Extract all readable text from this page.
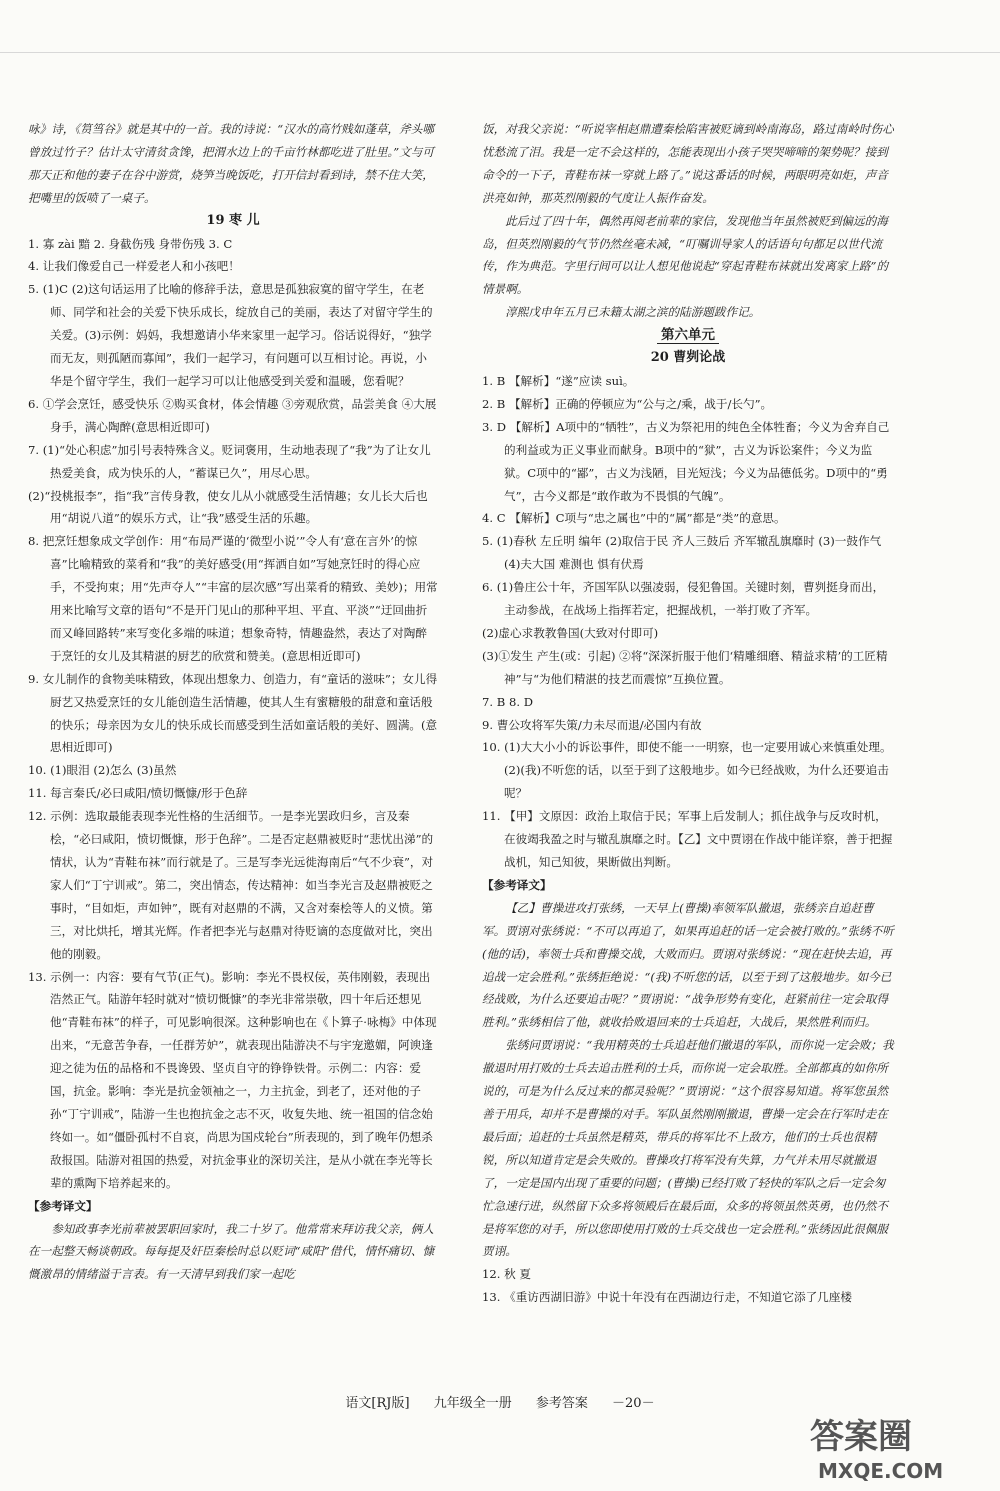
咏》诗，《筼筜谷》就是其中的一首。我的诗说：“汉水的高竹贱如蓬草，斧头哪曾放过竹子？估计太守清贫贪馋，把渭水边上的千亩竹林都吃进了肚里。”文与可那天正和他的妻子在谷中游赏，烧笋当晚饭吃，打开信封看到诗，禁不住大笑，把嘴里的饭喷了一桌子。

19 枣 儿

1. 寡 zài 黯 2. 身截伤残 身带伤残 3. C

4. 让我们像爱自己一样爱老人和小孩吧！

5. (1)C (2)这句话运用了比喻的修辞手法，意思是孤独寂寞的留守学生，在老师、同学和社会的关爱下快乐成长，绽放自己的美丽，表达了对留守学生的关爱。(3)示例：妈妈，我想邀请小华来家里一起学习。俗话说得好，“独学而无友，则孤陋而寡闻”，我们一起学习，有问题可以互相讨论。再说，小华是个留守学生，我们一起学习可以让他感受到关爱和温暖，您看呢？

6. ①学会烹饪，感受快乐 ②购买食材，体会情趣 ③旁观欣赏，品尝美食 ④大展身手，满心陶醉(意思相近即可)

7. (1)“处心积虑”加引号表特殊含义。贬词褒用，生动地表现了“我”为了让女儿热爱美食，成为快乐的人，“蓄谋已久”，用尽心思。

(2)“投桃报李”，指“我”言传身教，使女儿从小就感受生活情趣；女儿长大后也用“胡说八道”的娱乐方式，让“我”感受生活的乐趣。

8. 把烹饪想象成文学创作：用“布局严谨的‘微型小说’”令人有‘意在言外’的惊喜”比喻精致的菜肴和“我”的美好感受(用“挥洒自如”写她烹饪时的得心应手，不受拘束；用“先声夺人”“丰富的层次感”写出菜肴的精致、美妙)；用常用来比喻写文章的语句“不是开门见山的那种平坦、平直、平淡”“迂回曲折而又峰回路转”来写变化多端的味道；想象奇特，情趣盎然，表达了对陶醉于烹饪的女儿及其精湛的厨艺的欣赏和赞美。(意思相近即可)

9. 女儿制作的食物美味精致，体现出想象力、创造力，有“童话的滋味”；女儿得厨艺又热爱烹饪的女儿能创造生活情趣，使其人生有蜜糖般的甜意和童话般的快乐；母亲因为女儿的快乐成长而感受到生活如童话般的美好、圆满。(意思相近即可)

10. (1)眼泪 (2)怎么 (3)虽然

11. 每言秦氏/必曰咸阳/愤切慨慷/形于色辞

12. 示例：选取最能表现李光性格的生活细节。一是李光罢政归乡，言及秦桧，“必曰咸阳，愤切慨慷，形于色辞”。二是否定赵鼎被贬时“悲忧出涕”的情状，认为“青鞋布袜”而行就是了。三是写李光远徙海南后“气不少衰”，对家人们“丁宁训戒”。第二，突出情态，传达精神：如当李光言及赵鼎被贬之事时，“目如炬，声如钟”，既有对赵鼎的不满，又含对秦桧等人的义愤。第三，对比烘托，增其光辉。作者把李光与赵鼎对待贬谪的态度做对比，突出他的刚毅。

13. 示例一：内容：要有气节(正气)。影响：李光不畏权佞，英伟刚毅，表现出浩然正气。陆游年轻时就对“愤切慨慷”的李光非常崇敬，四十年后还想见他“青鞋布袜”的样子，可见影响很深。这种影响也在《卜算子·咏梅》中体现出来，“无意苦争春，一任群芳妒”，就表现出陆游决不与宇宠邀媚，阿谀逢迎之徒为伍的品格和不畏谗毁、坚贞自守的铮铮铁骨。示例二：内容：爱国，抗金。影响：李光是抗金领袖之一，力主抗金，到老了，还对他的子孙“丁宁训戒”，陆游一生也抱抗金之志不灭，收复失地、统一祖国的信念始终如一。如“僵卧孤村不自哀，尚思为国戍轮台”所表现的，到了晚年仍想杀敌报国。陆游对祖国的热爱，对抗金事业的深切关注，是从小就在李光等长辈的熏陶下培养起来的。

【参考译文】

参知政事李光前辈被罢职回家时，我二十岁了。他常常来拜访我父亲，俩人在一起整天畅谈朝政。每每提及奸臣秦桧时总以贬词“咸阳”借代，情怀痛切、慷慨激昂的情绪溢于言表。有一天清早到我们家一起吃

饭，对我父亲说：“听说宰相赵鼎遭秦桧陷害被贬谪到岭南海岛，路过南岭时伤心忧愁流了泪。我是一定不会这样的，怎能表现出小孩子哭哭啼啼的架势呢？接到命令的一下子，青鞋布袜一穿就上路了。”说这番话的时候，两眼明亮如炬，声音洪亮如钟，那英烈刚毅的气度让人振作奋发。

此后过了四十年，偶然再阅老前辈的家信，发现他当年虽然被贬到偏远的海岛，但英烈刚毅的气节仍然丝毫未减，“叮嘱训导家人的话语句句都足以世代流传，作为典范。字里行间可以让人想见他说起“穿起青鞋布袜就出发离家上路”的情景啊。

淳熙戊申年五月已未籍太湖之滨的陆游题跋作记。

第六单元

20 曹刿论战

1. B 【解析】“遂”应读 suì。

2. B 【解析】正确的停顿应为“公与之/乘，战于/长勺”。

3. D 【解析】A项中的“牺牲”，古义为祭祀用的纯色全体牲畜；今义为舍弃自己的利益或为正义事业而献身。B项中的“狱”，古义为诉讼案件；今义为监狱。C项中的“鄙”，古义为浅陋，目光短浅；今义为品德低劣。D项中的“勇气”，古今义都是“敢作敢为不畏惧的气魄”。

4. C 【解析】C项与“忠之属也”中的“属”都是“类”的意思。

5. (1)春秋 左丘明 编年 (2)取信于民 齐人三鼓后 齐军辙乱旗靡时 (3)一鼓作气 (4)夫大国 难测也 惧有伏焉

6. (1)鲁庄公十年，齐国军队以强凌弱，侵犯鲁国。关键时刻，曹刿挺身而出，主动参战，在战场上指挥若定，把握战机，一举打败了齐军。

(2)虚心求教教鲁国(大致对付即可)

(3)①发生 产生(或：引起) ②将“深深折服于他们‘精雕细磨、精益求精’的工匠精神”与“为他们精湛的技艺而震惊”互换位置。

7. B 8. D

9. 曹公攻将军失策/力未尽而退/必国内有故

10. (1)大大小小的诉讼事件，即使不能一一明察，也一定要用诚心来慎重处理。(2)(我)不听您的话，以至于到了这般地步。如今已经战败，为什么还要追击呢？

11. 【甲】文原因：政治上取信于民；军事上后发制人；抓住战争与反攻时机，在彼竭我盈之时与辙乱旗靡之时。【乙】文中贾诩在作战中能详察，善于把握战机，知己知彼，果断做出判断。

【参考译文】

【乙】曹操进攻打张绣，一天早上(曹操)率领军队撤退，张绣亲自追赶曹军。贾诩对张绣说：“不可以再追了，如果再追赶的话一定会被打败的。”张绣不听(他的话)，率领士兵和曹操交战，大败而归。贾诩对张绣说：“现在赶快去追，再追战一定会胜利。”张绣拒绝说：“(我)不听您的话，以至于到了这般地步。如今已经战败，为什么还要追击呢？”贾诩说：“战争形势有变化，赶紧前往一定会取得胜利。”张绣相信了他，就收拾败退回来的士兵追赶，大战后，果然胜利而归。

张绣问贾诩说：“我用精英的士兵追赶他们撤退的军队，而你说一定会败；我撤退时用打败的士兵去追击胜利的士兵，而你说一定会取胜。全部都真的如你所说的，可是为什么反过来的都灵验呢？”贾诩说：“这个很容易知道。将军您虽然善于用兵，却并不是曹操的对手。军队虽然刚刚撤退，曹操一定会在行军时走在最后面；追赶的士兵虽然是精英，带兵的将军比不上敌方，他们的士兵也很精锐，所以知道肯定是会失败的。曹操攻打将军没有失算，力气并未用尽就撤退了，一定是国内出现了重要的问题；(曹操)已经打败了轻快的军队之后一定会匆忙急速行进，纵然留下众多将领殿后在最后面，众多的将领虽然英勇，也仍然不是将军您的对手，所以您即使用打败的士兵交战也一定会胜利。”张绣因此很佩服贾诩。

12. 秋 夏

13. 《重访西湖旧游》中说十年没有在西湖边行走，不知道它添了几座楼

语文[RJ版] 九年级全一册 参考答案 －20－
答案圈
MXQE.COM
